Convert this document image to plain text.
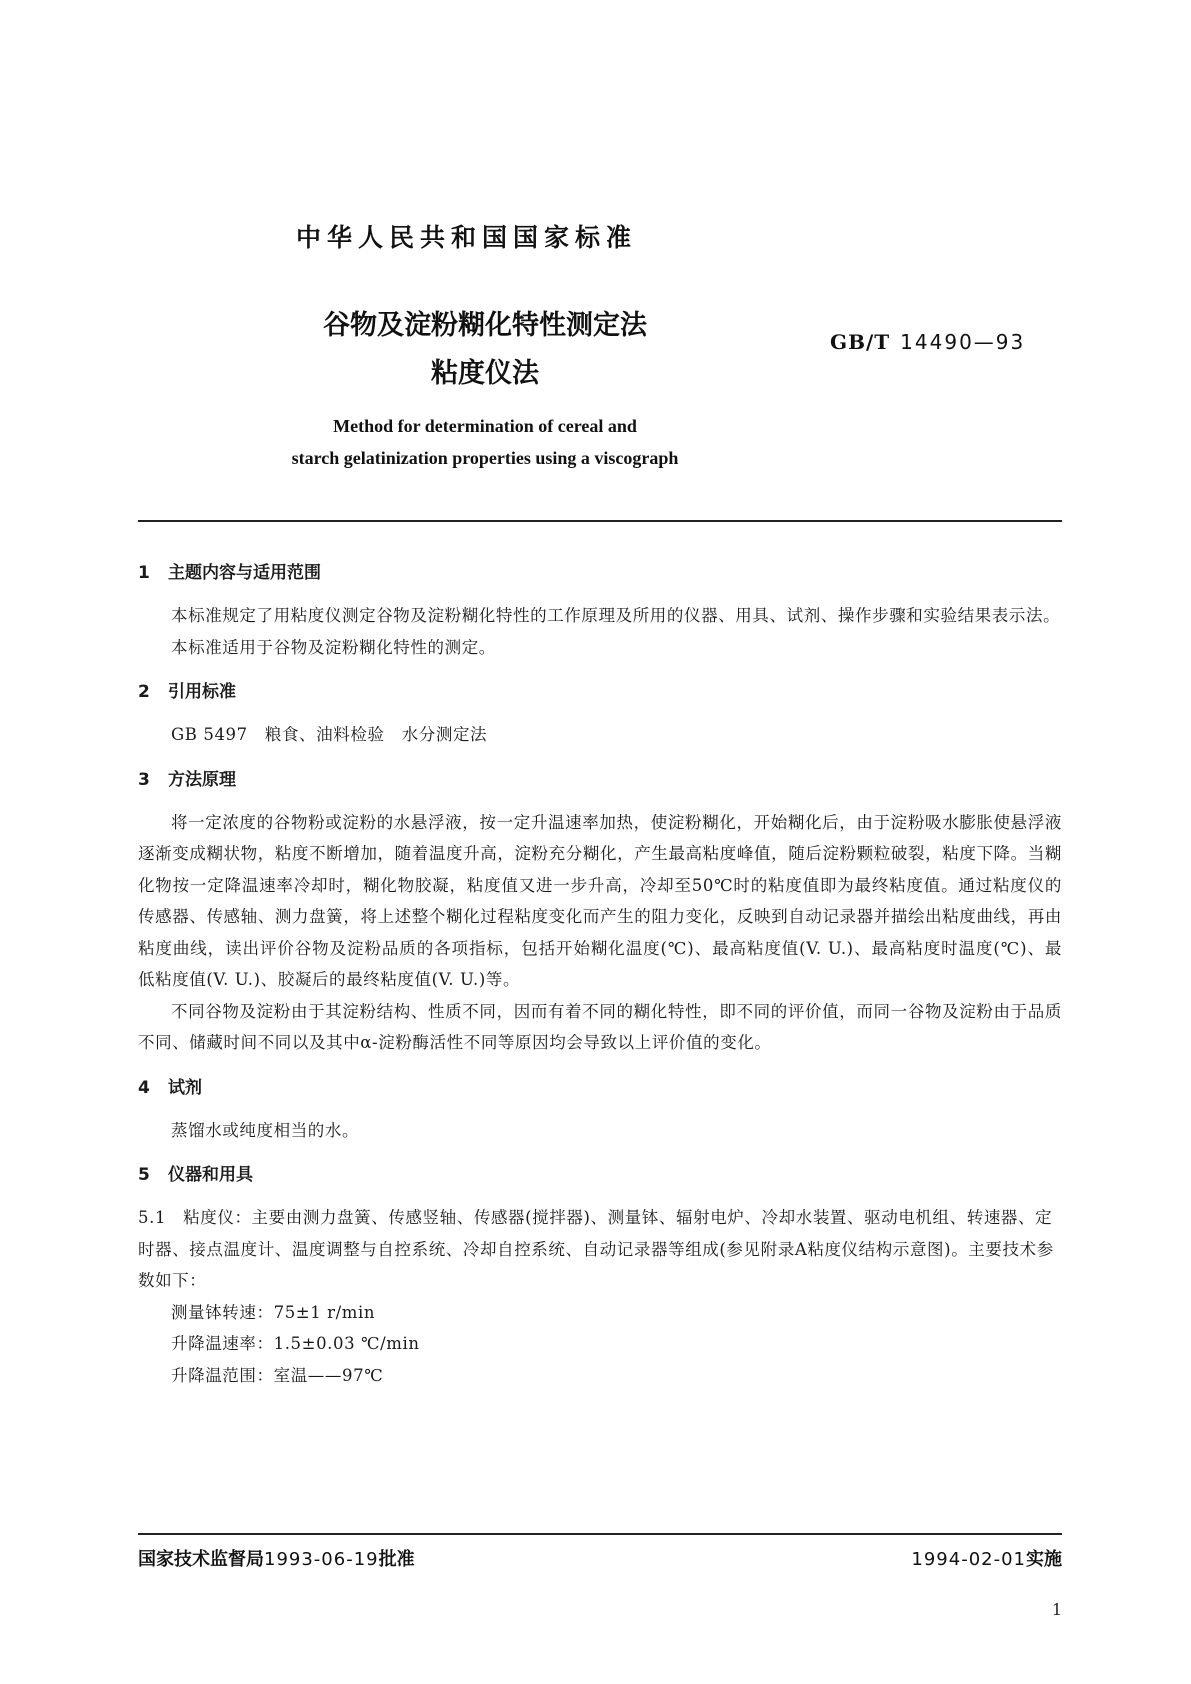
中华人民共和国国家标准
谷物及淀粉糊化特性测定法
粘度仪法
GB/T 14490—93
Method for determination of cereal and
starch gelatinization properties using a viscograph
1 主题内容与适用范围

本标准规定了用粘度仪测定谷物及淀粉糊化特性的工作原理及所用的仪器、用具、试剂、操作步骤和实验结果表示法。

本标准适用于谷物及淀粉糊化特性的测定。

2 引用标准

GB 5497　粮食、油料检验　水分测定法

3 方法原理

将一定浓度的谷物粉或淀粉的水悬浮液，按一定升温速率加热，使淀粉糊化，开始糊化后，由于淀粉吸水膨胀使悬浮液逐渐变成糊状物，粘度不断增加，随着温度升高，淀粉充分糊化，产生最高粘度峰值，随后淀粉颗粒破裂，粘度下降。当糊化物按一定降温速率冷却时，糊化物胶凝，粘度值又进一步升高，冷却至50℃时的粘度值即为最终粘度值。通过粘度仪的传感器、传感轴、测力盘簧，将上述整个糊化过程粘度变化而产生的阻力变化，反映到自动记录器并描绘出粘度曲线，再由粘度曲线，读出评价谷物及淀粉品质的各项指标，包括开始糊化温度(℃)、最高粘度值(V. U.)、最高粘度时温度(℃)、最低粘度值(V. U.)、胶凝后的最终粘度值(V. U.)等。

不同谷物及淀粉由于其淀粉结构、性质不同，因而有着不同的糊化特性，即不同的评价值，而同一谷物及淀粉由于品质不同、储藏时间不同以及其中α-淀粉酶活性不同等原因均会导致以上评价值的变化。

4 试剂

蒸馏水或纯度相当的水。

5 仪器和用具

5.1　粘度仪：主要由测力盘簧、传感竖轴、传感器(搅拌器)、测量钵、辐射电炉、冷却水装置、驱动电机组、转速器、定时器、接点温度计、温度调整与自控系统、冷却自控系统、自动记录器等组成(参见附录A粘度仪结构示意图)。主要技术参数如下：

测量钵转速：75±1 r/min

升降温速率：1.5±0.03 ℃/min

升降温范围：室温——97℃

国家技术监督局1993-06-19批准	1994-02-01实施
1
